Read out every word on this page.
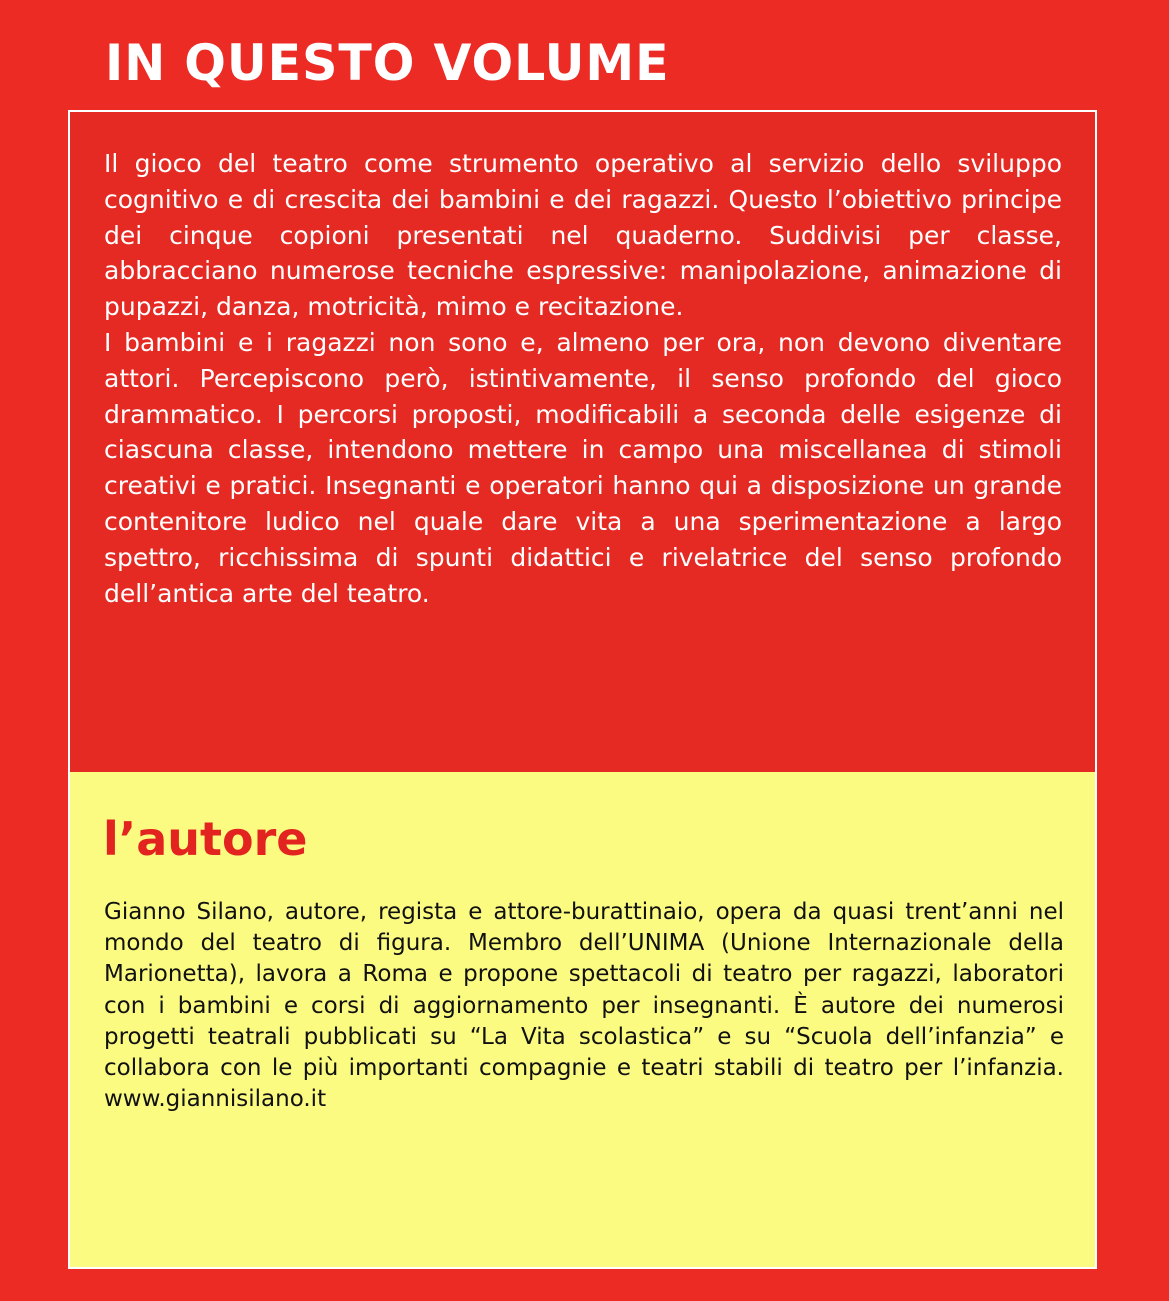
IN QUESTO VOLUME

Il gioco del teatro come strumento operativo al servizio dello sviluppo cognitivo e di crescita dei bambini e dei ragazzi. Questo l’obiettivo principe dei cinque copioni presentati nel quaderno. Suddivisi per classe, abbracciano numerose tecniche espressive: manipolazione, animazione di pupazzi, danza, motricità, mimo e recitazione.
I bambini e i ragazzi non sono e, almeno per ora, non devono diventare attori. Percepiscono però, istintivamente, il senso profondo del gioco drammatico. I percorsi proposti, modificabili a seconda delle esigenze di ciascuna classe, intendono mettere in campo una miscellanea di stimoli creativi e pratici. Insegnanti e operatori hanno qui a disposizione un grande contenitore ludico nel quale dare vita a una sperimentazione a largo spettro, ricchissima di spunti didattici e rivelatrice del senso profondo dell’antica arte del teatro.

l’autore

Gianno Silano, autore, regista e attore-burattinaio, opera da quasi trent’anni nel mondo del teatro di figura. Membro dell’UNIMA (Unione Internazionale della Marionetta), lavora a Roma e propone spettacoli di teatro per ragazzi, laboratori con i bambini e corsi di aggiornamento per insegnanti. È autore dei numerosi progetti teatrali pubblicati su “La Vita scolastica” e su “Scuola dell’infanzia” e collabora con le più importanti compagnie e teatri stabili di teatro per l’infanzia. www.giannisilano.it
